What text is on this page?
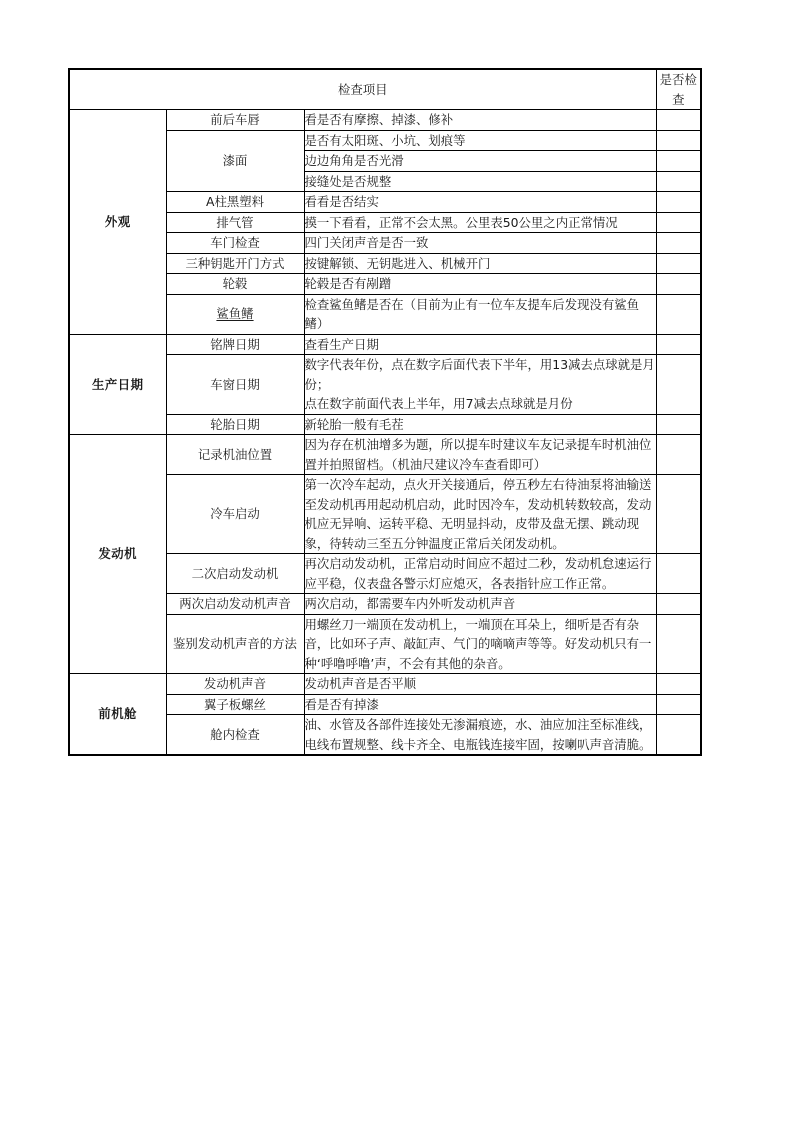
检查项目			是否检查
外观	前后车唇	看是否有摩擦、掉漆、修补	

	漆面	是否有太阳斑、小坑、划痕等	

		边边角角是否光滑	

		接缝处是否规整	

	A柱黑塑料	看看是否结实	

	排气管	摸一下看看，正常不会太黑。公里表50公里之内正常情况	

	车门检查	四门关闭声音是否一致	

	三种钥匙开门方式	按键解锁、无钥匙进入、机械开门	

	轮毂	轮毂是否有剐蹭	

	鲨鱼鳍	检查鲨鱼鳍是否在（目前为止有一位车友提车后发现没有鲨鱼鳍）	

生产日期	铭牌日期	查看生产日期	

	车窗日期	数字代表年份，点在数字后面代表下半年，用13减去点球就是月份；

点在数字前面代表上半年，用7减去点球就是月份	

	轮胎日期	新轮胎一般有毛茬	

发动机	记录机油位置	因为存在机油增多为题，所以提车时建议车友记录提车时机油位置并拍照留档。（机油尺建议冷车查看即可）	

	冷车启动	第一次冷车起动，点火开关接通后，停五秒左右待油泵将油输送至发动机再用起动机启动，此时因冷车，发动机转数较高，发动机应无异响、运转平稳、无明显抖动，皮带及盘无摆、跳动现象，待转动三至五分钟温度正常后关闭发动机。	

	二次启动发动机	再次启动发动机，正常启动时间应不超过二秒，发动机怠速运行应平稳，仪表盘各警示灯应熄灭，各表指针应工作正常。	

	两次启动发动机声音	两次启动，都需要车内外听发动机声音	

	鉴别发动机声音的方法	用螺丝刀一端顶在发动机上，一端顶在耳朵上，细听是否有杂音，比如环子声、敲缸声、气门的嘀嘀声等等。好发动机只有一种‘呼噜呼噜’声，不会有其他的杂音。	

前机舱	发动机声音	发动机声音是否平顺	

	翼子板螺丝	看是否有掉漆	

	舱内检查	油、水管及各部件连接处无渗漏痕迹，水、油应加注至标准线，电线布置规整、线卡齐全、电瓶钱连接牢固，按喇叭声音清脆。	
